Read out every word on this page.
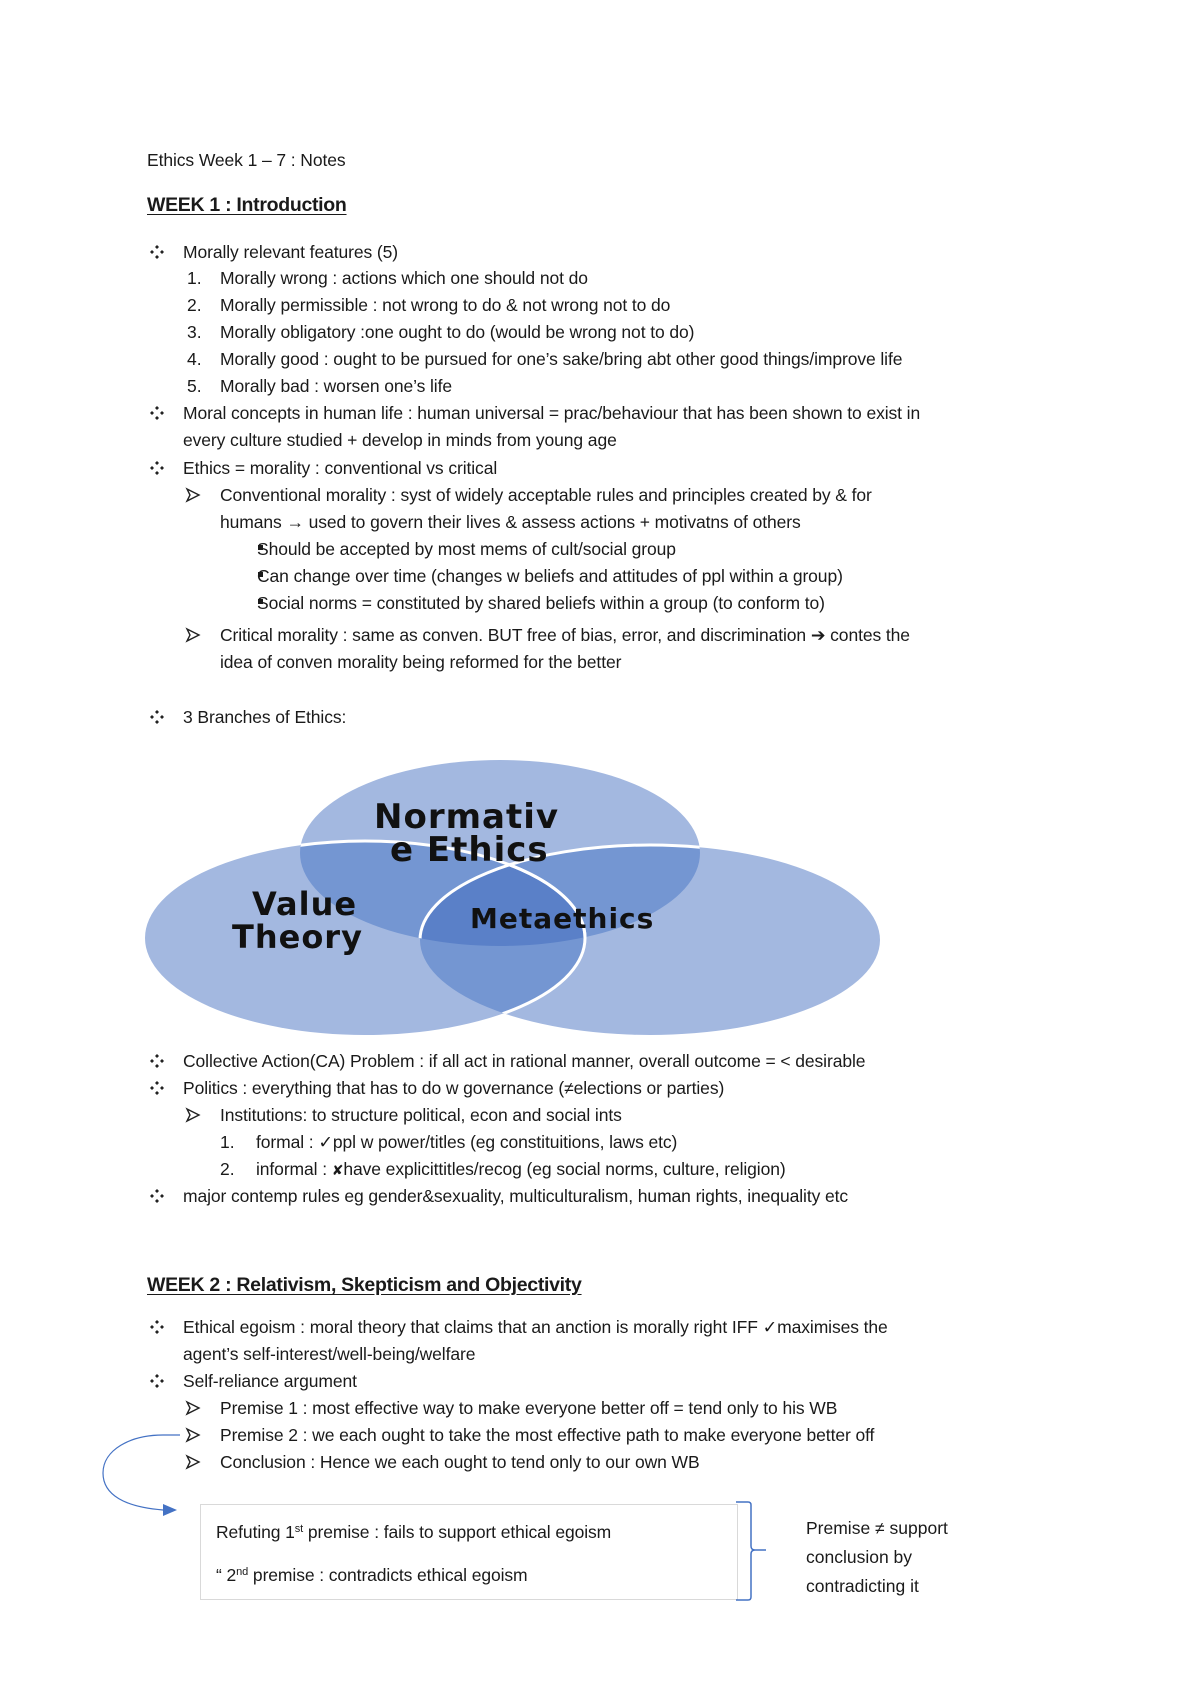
Ethics Week 1 – 7 : Notes
WEEK 1 : Introduction
Morally relevant features (5)
1. Morally wrong : actions which one should not do
2. Morally permissible : not wrong to do & not wrong not to do
3. Morally obligatory :one ought to do (would be wrong not to do)
4. Morally good : ought to be pursued for one’s sake/bring abt other good things/improve life
5. Morally bad : worsen one’s life
Moral concepts in human life : human universal = prac/behaviour that has been shown to exist in
every culture studied + develop in minds from young age
Ethics = morality : conventional vs critical
Conventional morality : syst of widely acceptable rules and principles created by & for
humans → used to govern their lives & assess actions + motivatns of others
Should be accepted by most mems of cult/social group
Can change over time (changes w beliefs and attitudes of ppl within a group)
Social norms = constituted by shared beliefs within a group (to conform to)
Critical morality : same as conven. BUT free of bias, error, and discrimination ➔ contes the
idea of conven morality being reformed for the better
3 Branches of Ethics:
Normativ
e Ethics
Value
Theory	Metaethics
Collective Action(CA) Problem : if all act in rational manner, overall outcome = < desirable
Politics : everything that has to do w governance (≠elections or parties)
Institutions: to structure political, econ and social ints
1. formal : ✓ppl w power/titles (eg constituitions, laws etc)
2. informal : ✘have explicittitles/recog (eg social norms, culture, religion)
major contemp rules eg gender&sexuality, multiculturalism, human rights, inequality etc
WEEK 2 : Relativism, Skepticism and Objectivity
Ethical egoism : moral theory that claims that an anction is morally right IFF ✓maximises the
agent’s self-interest/well-being/welfare
Self-reliance argument
Premise 1 : most effective way to make everyone better off = tend only to his WB
Premise 2 : we each ought to take the most effective path to make everyone better off
Conclusion : Hence we each ought to tend only to our own WB
Refuting 1st premise : fails to support ethical egoism
“ 2nd premise : contradicts ethical egoism
Premise ≠ support
conclusion by
contradicting it
